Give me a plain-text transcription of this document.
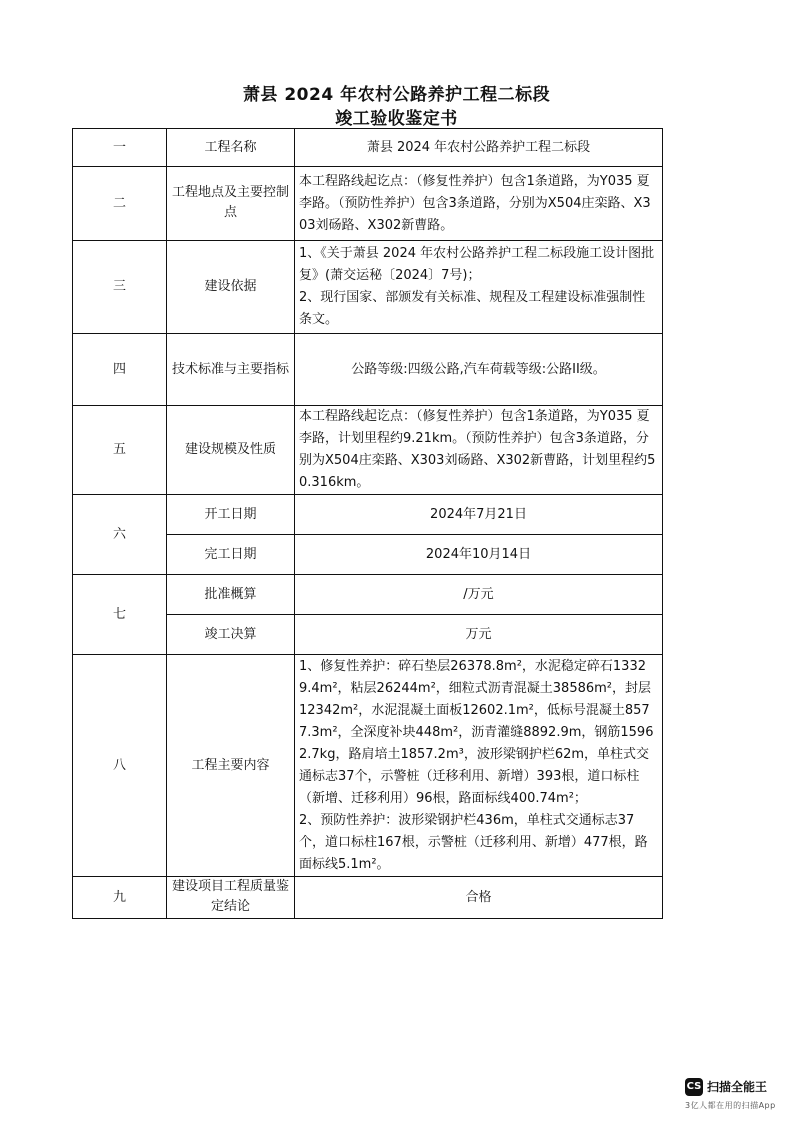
萧县 2024 年农村公路养护工程二标段
竣工验收鉴定书
一	工程名称	萧县 2024 年农村公路养护工程二标段
二	工程地点及主要控制点	本工程路线起讫点：（修复性养护）包含1条道路，为Y035 夏李路。（预防性养护）包含3条道路，分别为X504庄栾路、X303刘砀路、X302新曹路。
三	建设依据	1、《关于萧县 2024 年农村公路养护工程二标段施工设计图批复》(萧交运秘〔2024〕7号)；
2、现行国家、部颁发有关标准、规程及工程建设标准强制性条文。

四	技术标准与主要指标	公路等级:四级公路,汽车荷载等级:公路II级。
五	建设规模及性质	本工程路线起讫点：（修复性养护）包含1条道路，为Y035 夏李路，计划里程约9.21km。（预防性养护）包含3条道路，分别为X504庄栾路、X303刘砀路、X302新曹路，计划里程约50.316km。
六	开工日期	2024年7月21日
	完工日期	2024年10月14日
七	批准概算	/万元
	竣工决算	万元
八	工程主要内容	1、修复性养护：碎石垫层26378.8m²，水泥稳定碎石13329.4m²，粘层26244m²，细粒式沥青混凝土38586m²，封层12342m²，水泥混凝土面板12602.1m²，低标号混凝土8577.3m²，全深度补块448m²，沥青灌缝8892.9m，钢筋15962.7kg，路肩培土1857.2m³，波形梁钢护栏62m，单柱式交通标志37个，示警桩（迁移利用、新增）393根，道口标柱（新增、迁移利用）96根，路面标线400.74m²；
2、预防性养护：波形梁钢护栏436m，单柱式交通标志37个，道口标柱167根，示警桩（迁移利用、新增）477根，路面标线5.1m²。

九	建设项目工程质量鉴定结论	合格
CS 扫描全能王
3亿人都在用的扫描App
